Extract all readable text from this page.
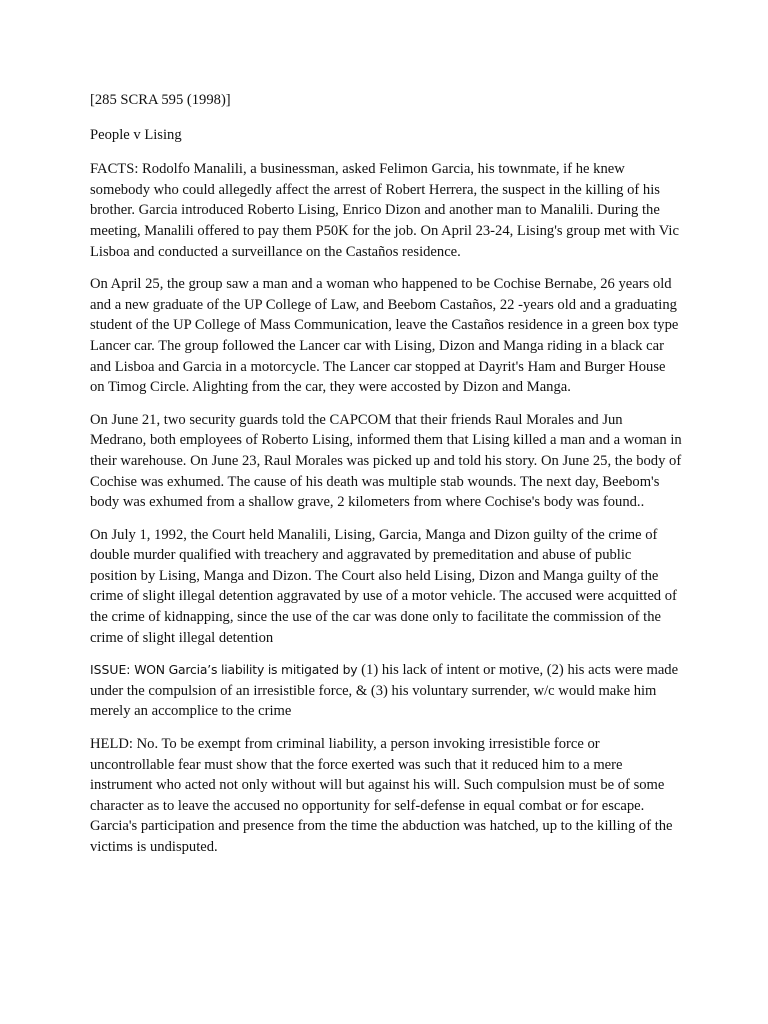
[285 SCRA 595 (1998)]

People v Lising

FACTS: Rodolfo Manalili, a businessman, asked Felimon Garcia, his townmate, if he knew somebody who could allegedly affect the arrest of Robert Herrera, the suspect in the killing of his brother. Garcia introduced Roberto Lising, Enrico Dizon and another man to Manalili. During the meeting, Manalili offered to pay them P50K for the job. On April 23-24, Lising's group met with Vic Lisboa and conducted a surveillance on the Castaños residence.

On April 25, the group saw a man and a woman who happened to be Cochise Bernabe, 26 years old and a new graduate of the UP College of Law, and Beebom Castaños, 22 -years old and a graduating student of the UP College of Mass Communication, leave the Castaños residence in a green box type Lancer car. The group followed the Lancer car with Lising, Dizon and Manga riding in a black car and Lisboa and Garcia in a motorcycle. The Lancer car stopped at Dayrit's Ham and Burger House on Timog Circle. Alighting from the car, they were accosted by Dizon and Manga.

On June 21, two security guards told the CAPCOM that their friends Raul Morales and Jun Medrano, both employees of Roberto Lising, informed them that Lising killed a man and a woman in their warehouse. On June 23, Raul Morales was picked up and told his story. On June 25, the body of Cochise was exhumed. The cause of his death was multiple stab wounds. The next day, Beebom's body was exhumed from a shallow grave, 2 kilometers from where Cochise's body was found..

On July 1, 1992, the Court held Manalili, Lising, Garcia, Manga and Dizon guilty of the crime of double murder qualified with treachery and aggravated by premeditation and abuse of public position by Lising, Manga and Dizon. The Court also held Lising, Dizon and Manga guilty of the crime of slight illegal detention aggravated by use of a motor vehicle. The accused were acquitted of the crime of kidnapping, since the use of the car was done only to facilitate the commission of the crime of slight illegal detention

ISSUE: WON Garcia’s liability is mitigated by (1) his lack of intent or motive, (2) his acts were made under the compulsion of an irresistible force, & (3) his voluntary surrender, w/c would make him merely an accomplice to the crime

HELD: No. To be exempt from criminal liability, a person invoking irresistible force or uncontrollable fear must show that the force exerted was such that it reduced him to a mere instrument who acted not only without will but against his will. Such compulsion must be of some character as to leave the accused no opportunity for self-defense in equal combat or for escape. Garcia's participation and presence from the time the abduction was hatched, up to the killing of the victims is undisputed.
